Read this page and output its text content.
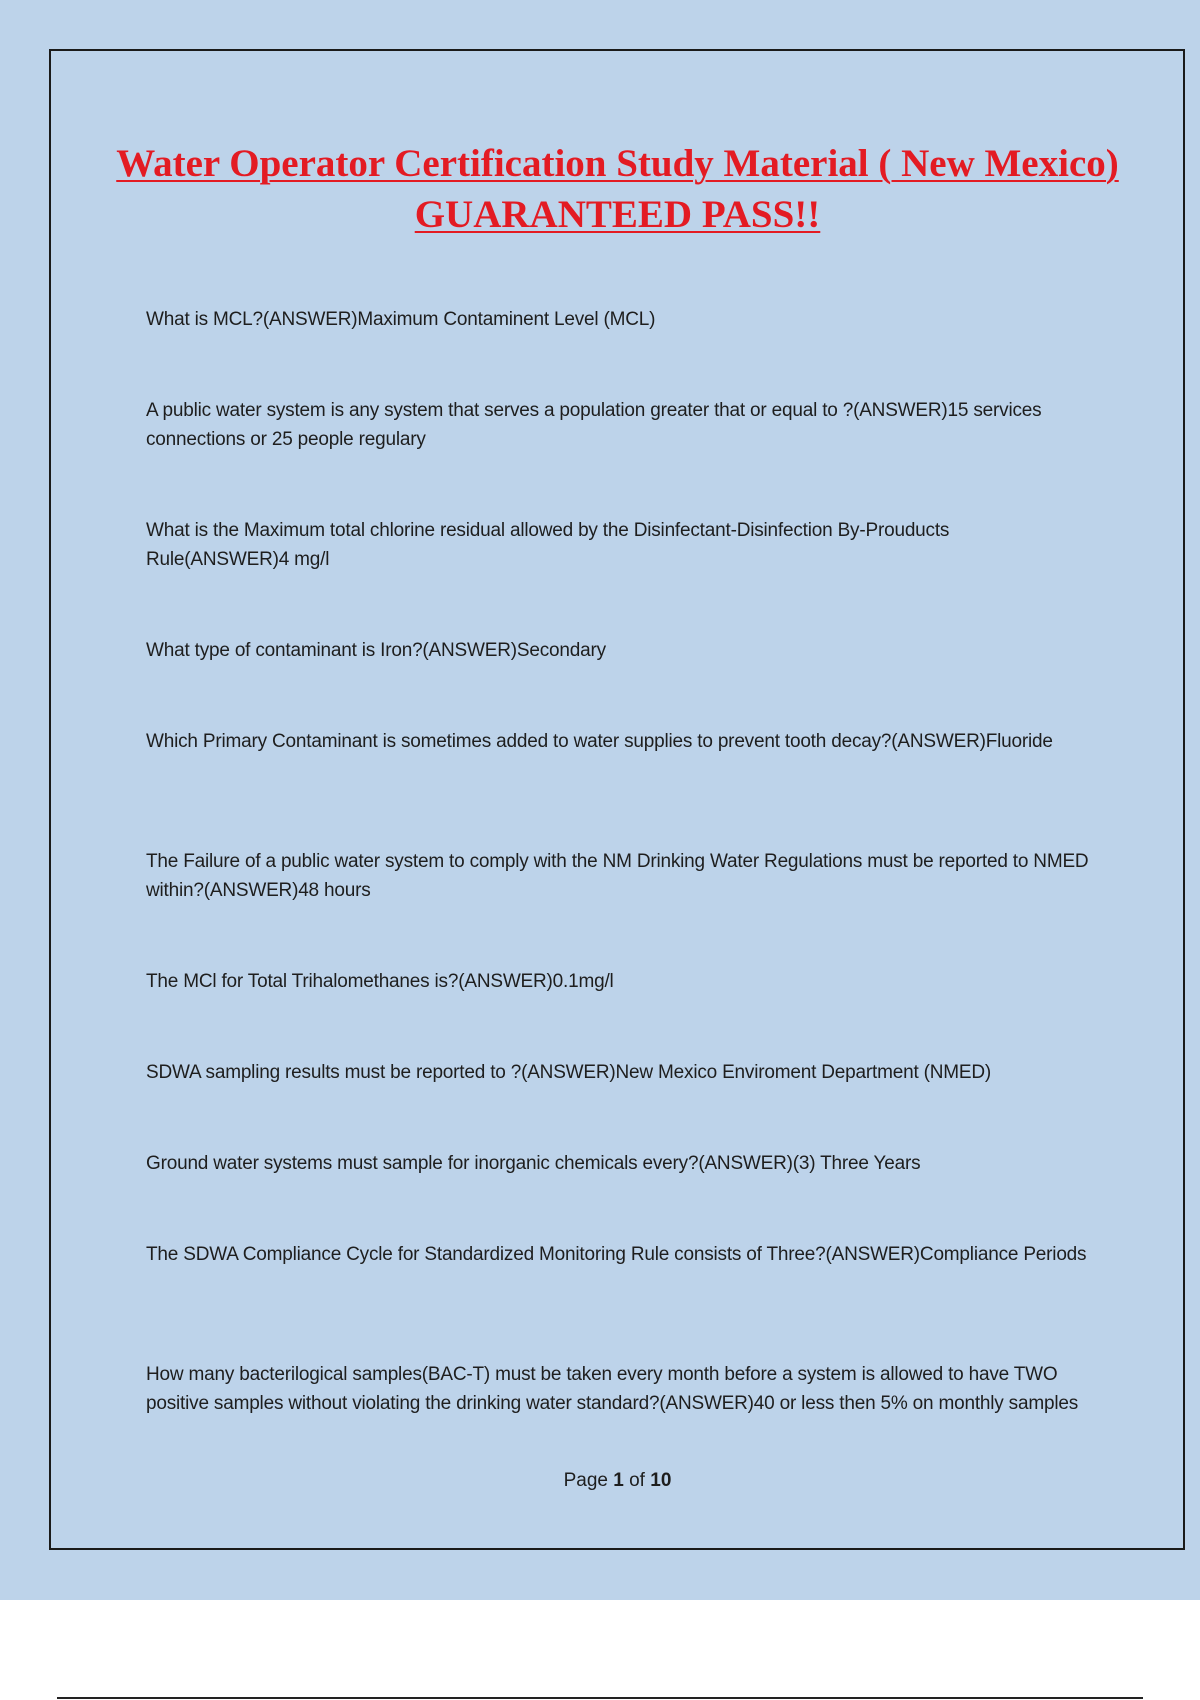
Water Operator Certification Study Material ( New Mexico) GUARANTEED PASS!!

What is MCL?(ANSWER)Maximum Contaminent Level (MCL)

A public water system is any system that serves a population greater that or equal to ?(ANSWER)15 services connections or 25 people regulary

What is the Maximum total chlorine residual allowed by the Disinfectant-Disinfection By-Prouducts Rule(ANSWER)4 mg/l

What type of contaminant is Iron?(ANSWER)Secondary

Which Primary Contaminant is sometimes added to water supplies to prevent tooth decay?(ANSWER)Fluoride

The Failure of a public water system to comply with the NM Drinking Water Regulations must be reported to NMED within?(ANSWER)48 hours

The MCl for Total Trihalomethanes is?(ANSWER)0.1mg/l

SDWA sampling results must be reported to ?(ANSWER)New Mexico Enviroment Department (NMED)

Ground water systems must sample for inorganic chemicals every?(ANSWER)(3) Three Years

The SDWA Compliance Cycle for Standardized Monitoring Rule consists of Three?(ANSWER)Compliance Periods

How many bacterilogical samples(BAC-T) must be taken every month before a system is allowed to have TWO positive samples without violating the drinking water standard?(ANSWER)40 or less then 5% on monthly samples

Page 1 of 10
